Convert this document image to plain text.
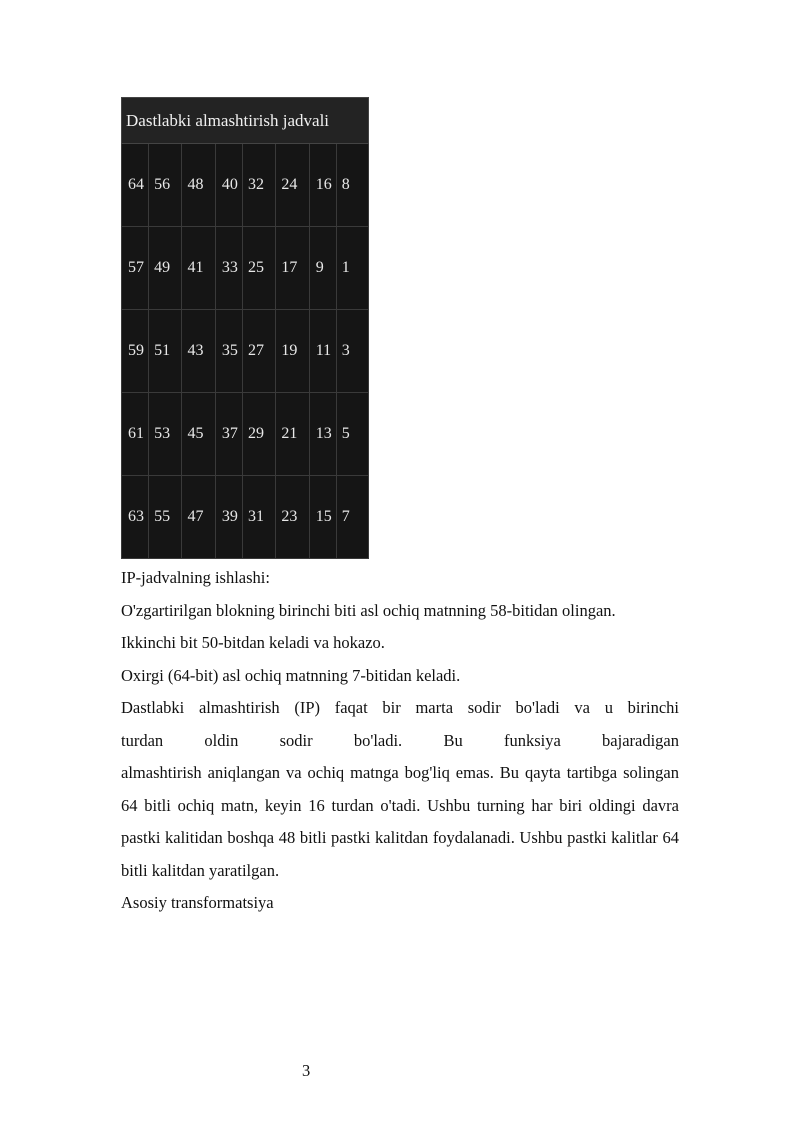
Dastlabki almashtirish jadvali							
64	56	48	40	32	24	16	8
57	49	41	33	25	17	9	1
59	51	43	35	27	19	11	3
61	53	45	37	29	21	13	5
63	55	47	39	31	23	15	7

IP-jadvalning ishlashi:

O'zgartirilgan blokning birinchi biti asl ochiq matnning 58-bitidan olingan.

Ikkinchi bit 50-bitdan keladi va hokazo.

Oxirgi (64-bit) asl ochiq matnning 7-bitidan keladi.

Dastlabki almashtirish (IP) faqat bir marta sodir bo'ladi va u birinchi

turdan oldin sodir bo'ladi. Bu funksiya bajaradigan

almashtirish aniqlangan va ochiq matnga bog'liq emas. Bu qayta tartibga solingan 64 bitli ochiq matn, keyin 16 turdan o'tadi. Ushbu turning har biri oldingi davra pastki kalitidan boshqa 48 bitli pastki kalitdan foydalanadi. Ushbu pastki kalitlar 64 bitli kalitdan yaratilgan.

Asosiy transformatsiya

3
